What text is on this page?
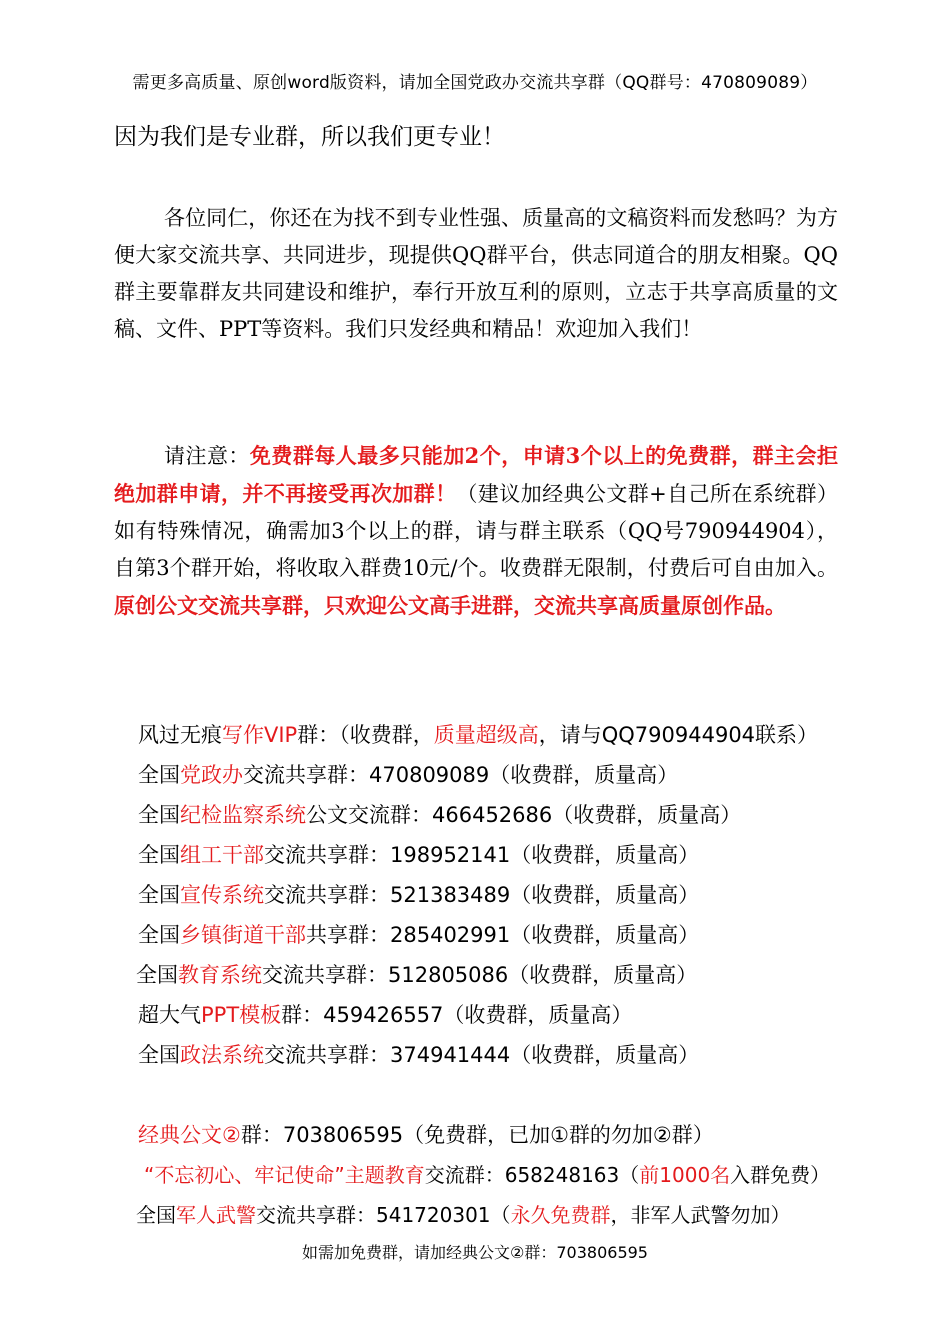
需更多高质量、原创word版资料，请加全国党政办交流共享群（QQ群号：470809089）
因为我们是专业群，所以我们更专业！

各位同仁，你还在为找不到专业性强、质量高的文稿资料而发愁吗？为方便大家交流共享、共同进步，现提供QQ群平台，供志同道合的朋友相聚。QQ群主要靠群友共同建设和维护，奉行开放互利的原则，立志于共享高质量的文稿、文件、PPT等资料。我们只发经典和精品！欢迎加入我们！

请注意：免费群每人最多只能加2个，申请3个以上的免费群，群主会拒绝加群申请，并不再接受再次加群！（建议加经典公文群+自己所在系统群）如有特殊情况，确需加3个以上的群，请与群主联系（QQ号790944904），自第3个群开始，将收取入群费10元/个。收费群无限制，付费后可自由加入。原创公文交流共享群，只欢迎公文高手进群，交流共享高质量原创作品。

风过无痕写作VIP群：（收费群，质量超级高，请与QQ790944904联系）
全国党政办交流共享群：470809089（收费群，质量高）
全国纪检监察系统公文交流群：466452686（收费群，质量高）
全国组工干部交流共享群：198952141（收费群，质量高）
全国宣传系统交流共享群：521383489（收费群，质量高）
全国乡镇街道干部共享群：285402991（收费群，质量高）
全国教育系统交流共享群：512805086（收费群，质量高）
超大气PPT模板群：459426557（收费群，质量高）
全国政法系统交流共享群：374941444（收费群，质量高）
经典公文②群：703806595（免费群，已加①群的勿加②群）
“不忘初心、牢记使命”主题教育交流群：658248163（前1000名入群免费）
全国军人武警交流共享群：541720301（永久免费群，非军人武警勿加）
如需加免费群，请加经典公文②群：703806595
